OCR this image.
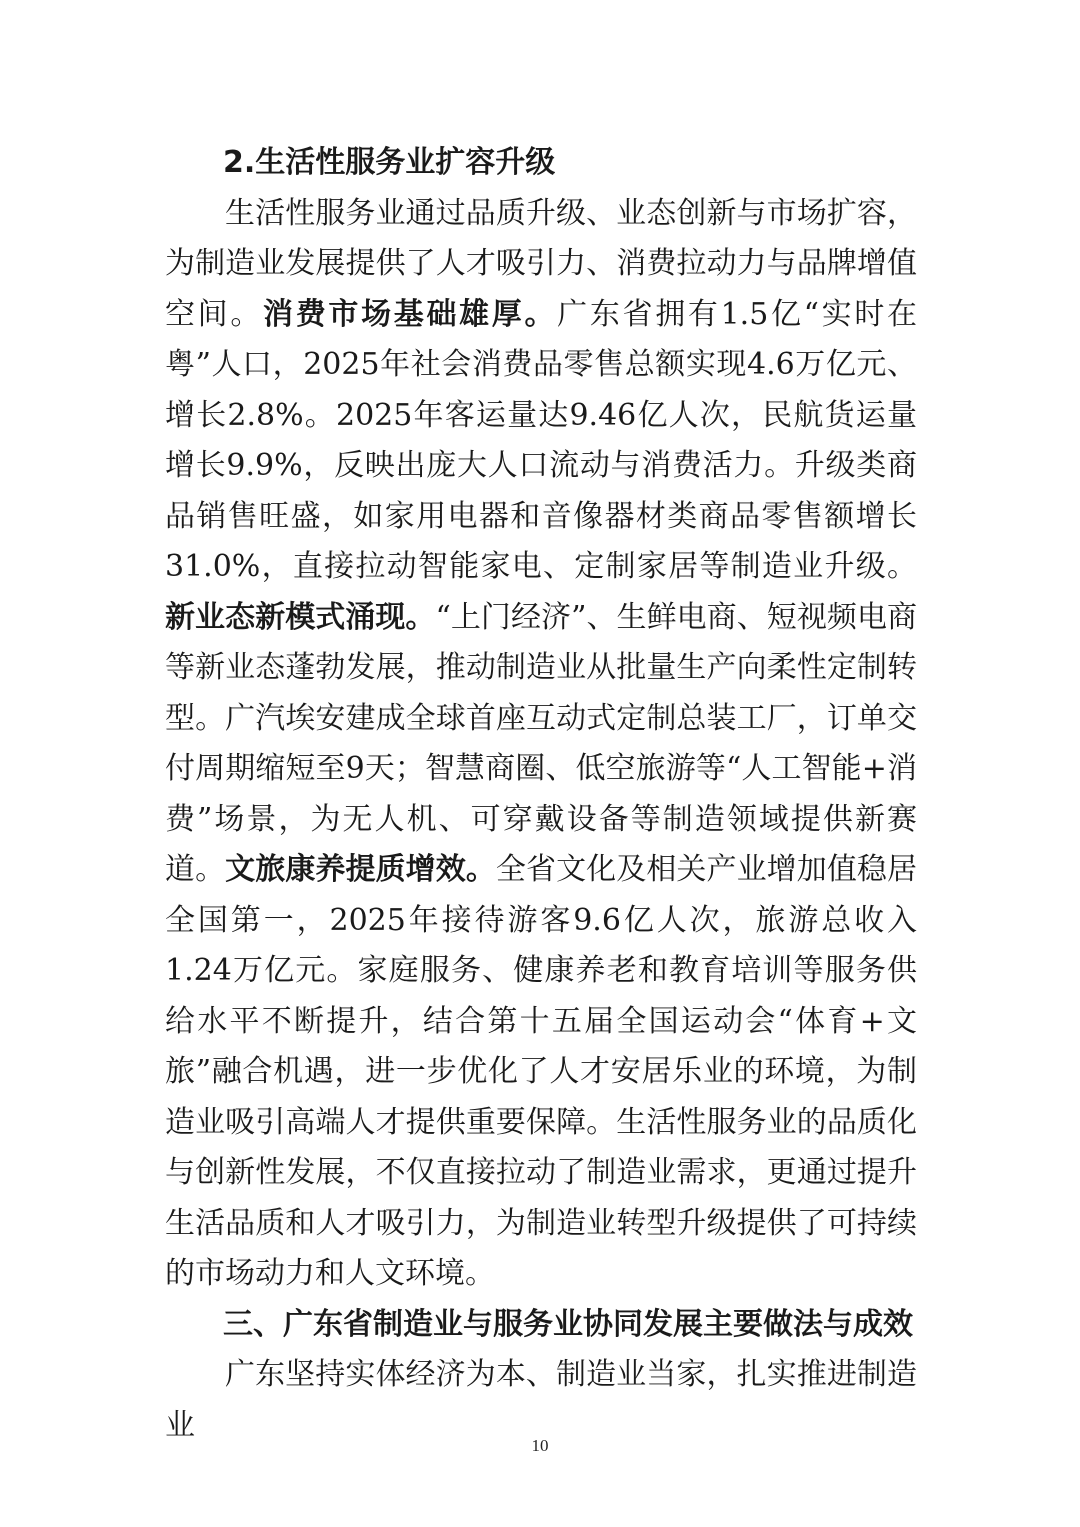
2.生活性服务业扩容升级

生活性服务业通过品质升级、业态创新与市场扩容，为制造业发展提供了人才吸引力、消费拉动力与品牌增值空间。消费市场基础雄厚。广东省拥有1.5亿“实时在粤”人口，2025年社会消费品零售总额实现4.6万亿元、增长2.8%。2025年客运量达9.46亿人次，民航货运量增长9.9%，反映出庞大人口流动与消费活力。升级类商品销售旺盛，如家用电器和音像器材类商品零售额增长31.0%，直接拉动智能家电、定制家居等制造业升级。新业态新模式涌现。“上门经济”、生鲜电商、短视频电商等新业态蓬勃发展，推动制造业从批量生产向柔性定制转型。广汽埃安建成全球首座互动式定制总装工厂，订单交付周期缩短至9天；智慧商圈、低空旅游等“人工智能+消费”场景，为无人机、可穿戴设备等制造领域提供新赛道。文旅康养提质增效。全省文化及相关产业增加值稳居全国第一，2025年接待游客9.6亿人次，旅游总收入1.24万亿元。家庭服务、健康养老和教育培训等服务供给水平不断提升，结合第十五届全国运动会“体育+文旅”融合机遇，进一步优化了人才安居乐业的环境，为制造业吸引高端人才提供重要保障。生活性服务业的品质化与创新性发展，不仅直接拉动了制造业需求，更通过提升生活品质和人才吸引力，为制造业转型升级提供了可持续的市场动力和人文环境。

三、广东省制造业与服务业协同发展主要做法与成效

广东坚持实体经济为本、制造业当家，扎实推进制造业

10
